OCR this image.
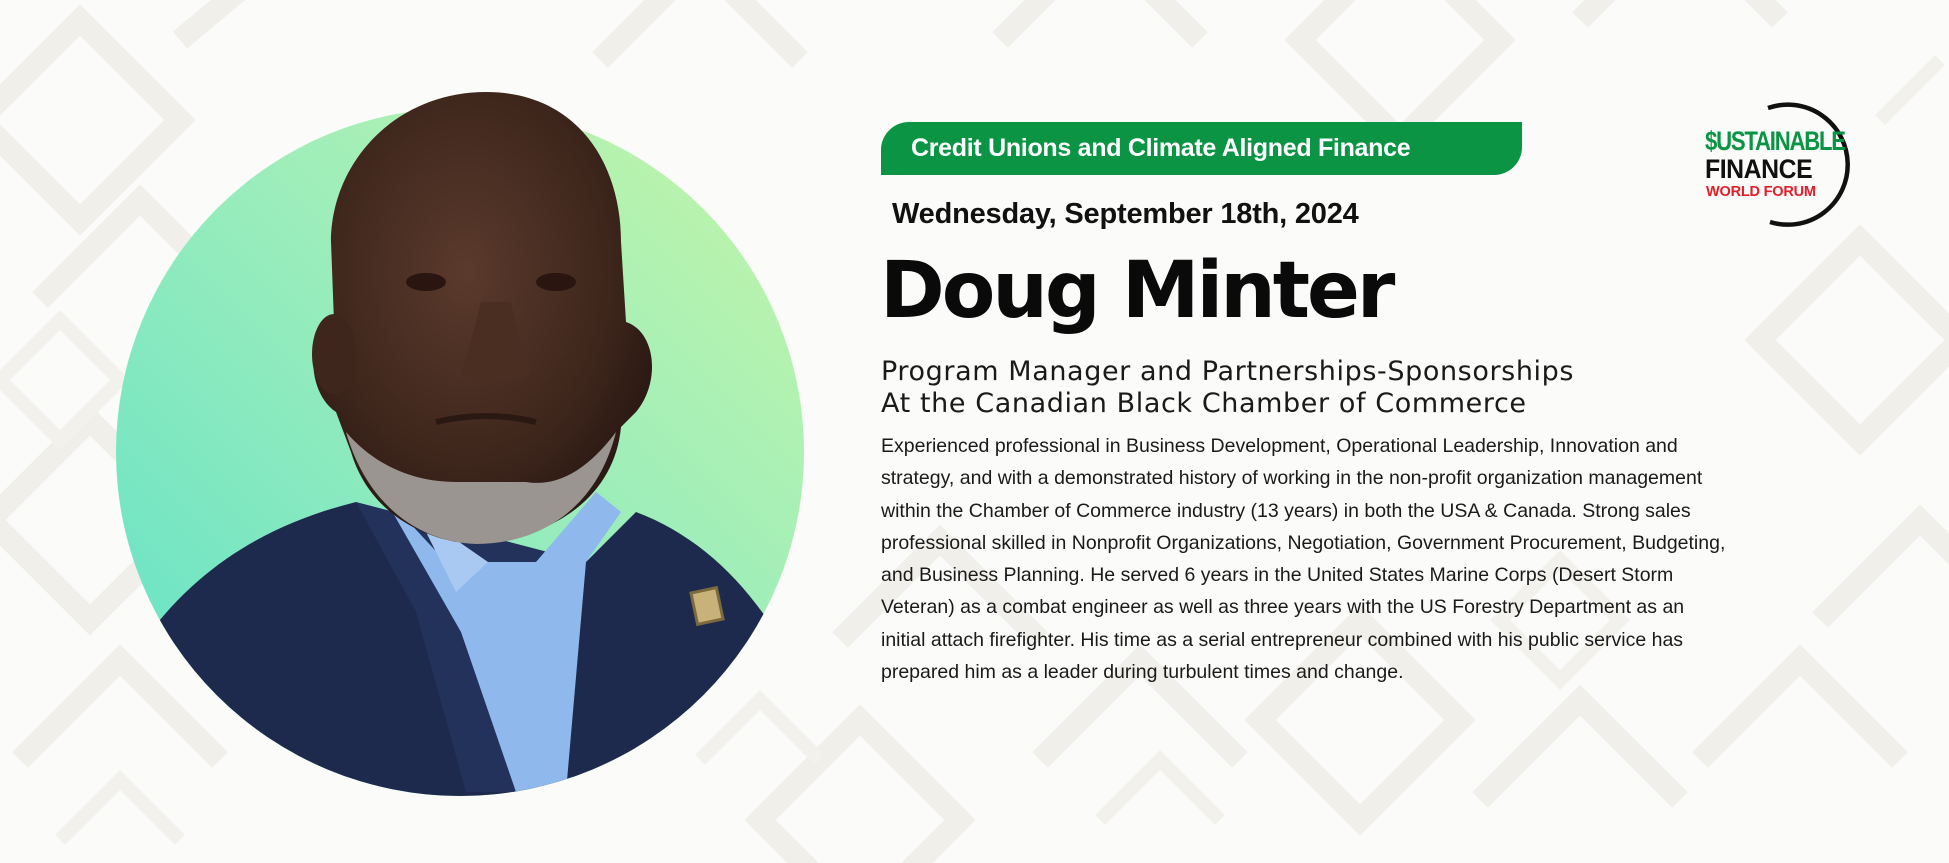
Credit Unions and Climate Aligned Finance
Wednesday, September 18th, 2024
Doug Minter
Program Manager and Partnerships-Sponsorships
At the Canadian Black Chamber of Commerce
Experienced professional in Business Development, Operational Leadership, Innovation and
strategy, and with a demonstrated history of working in the non-profit organization management
within the Chamber of Commerce industry (13 years) in both the USA & Canada. Strong sales
professional skilled in Nonprofit Organizations, Negotiation, Government Procurement, Budgeting,
and Business Planning. He served 6 years in the United States Marine Corps (Desert Storm
Veteran) as a combat engineer as well as three years with the US Forestry Department as an
initial attach firefighter. His time as a serial entrepreneur combined with his public service has
prepared him as a leader during turbulent times and change.
$USTAINABLE
FINANCE
WORLD FORUM
